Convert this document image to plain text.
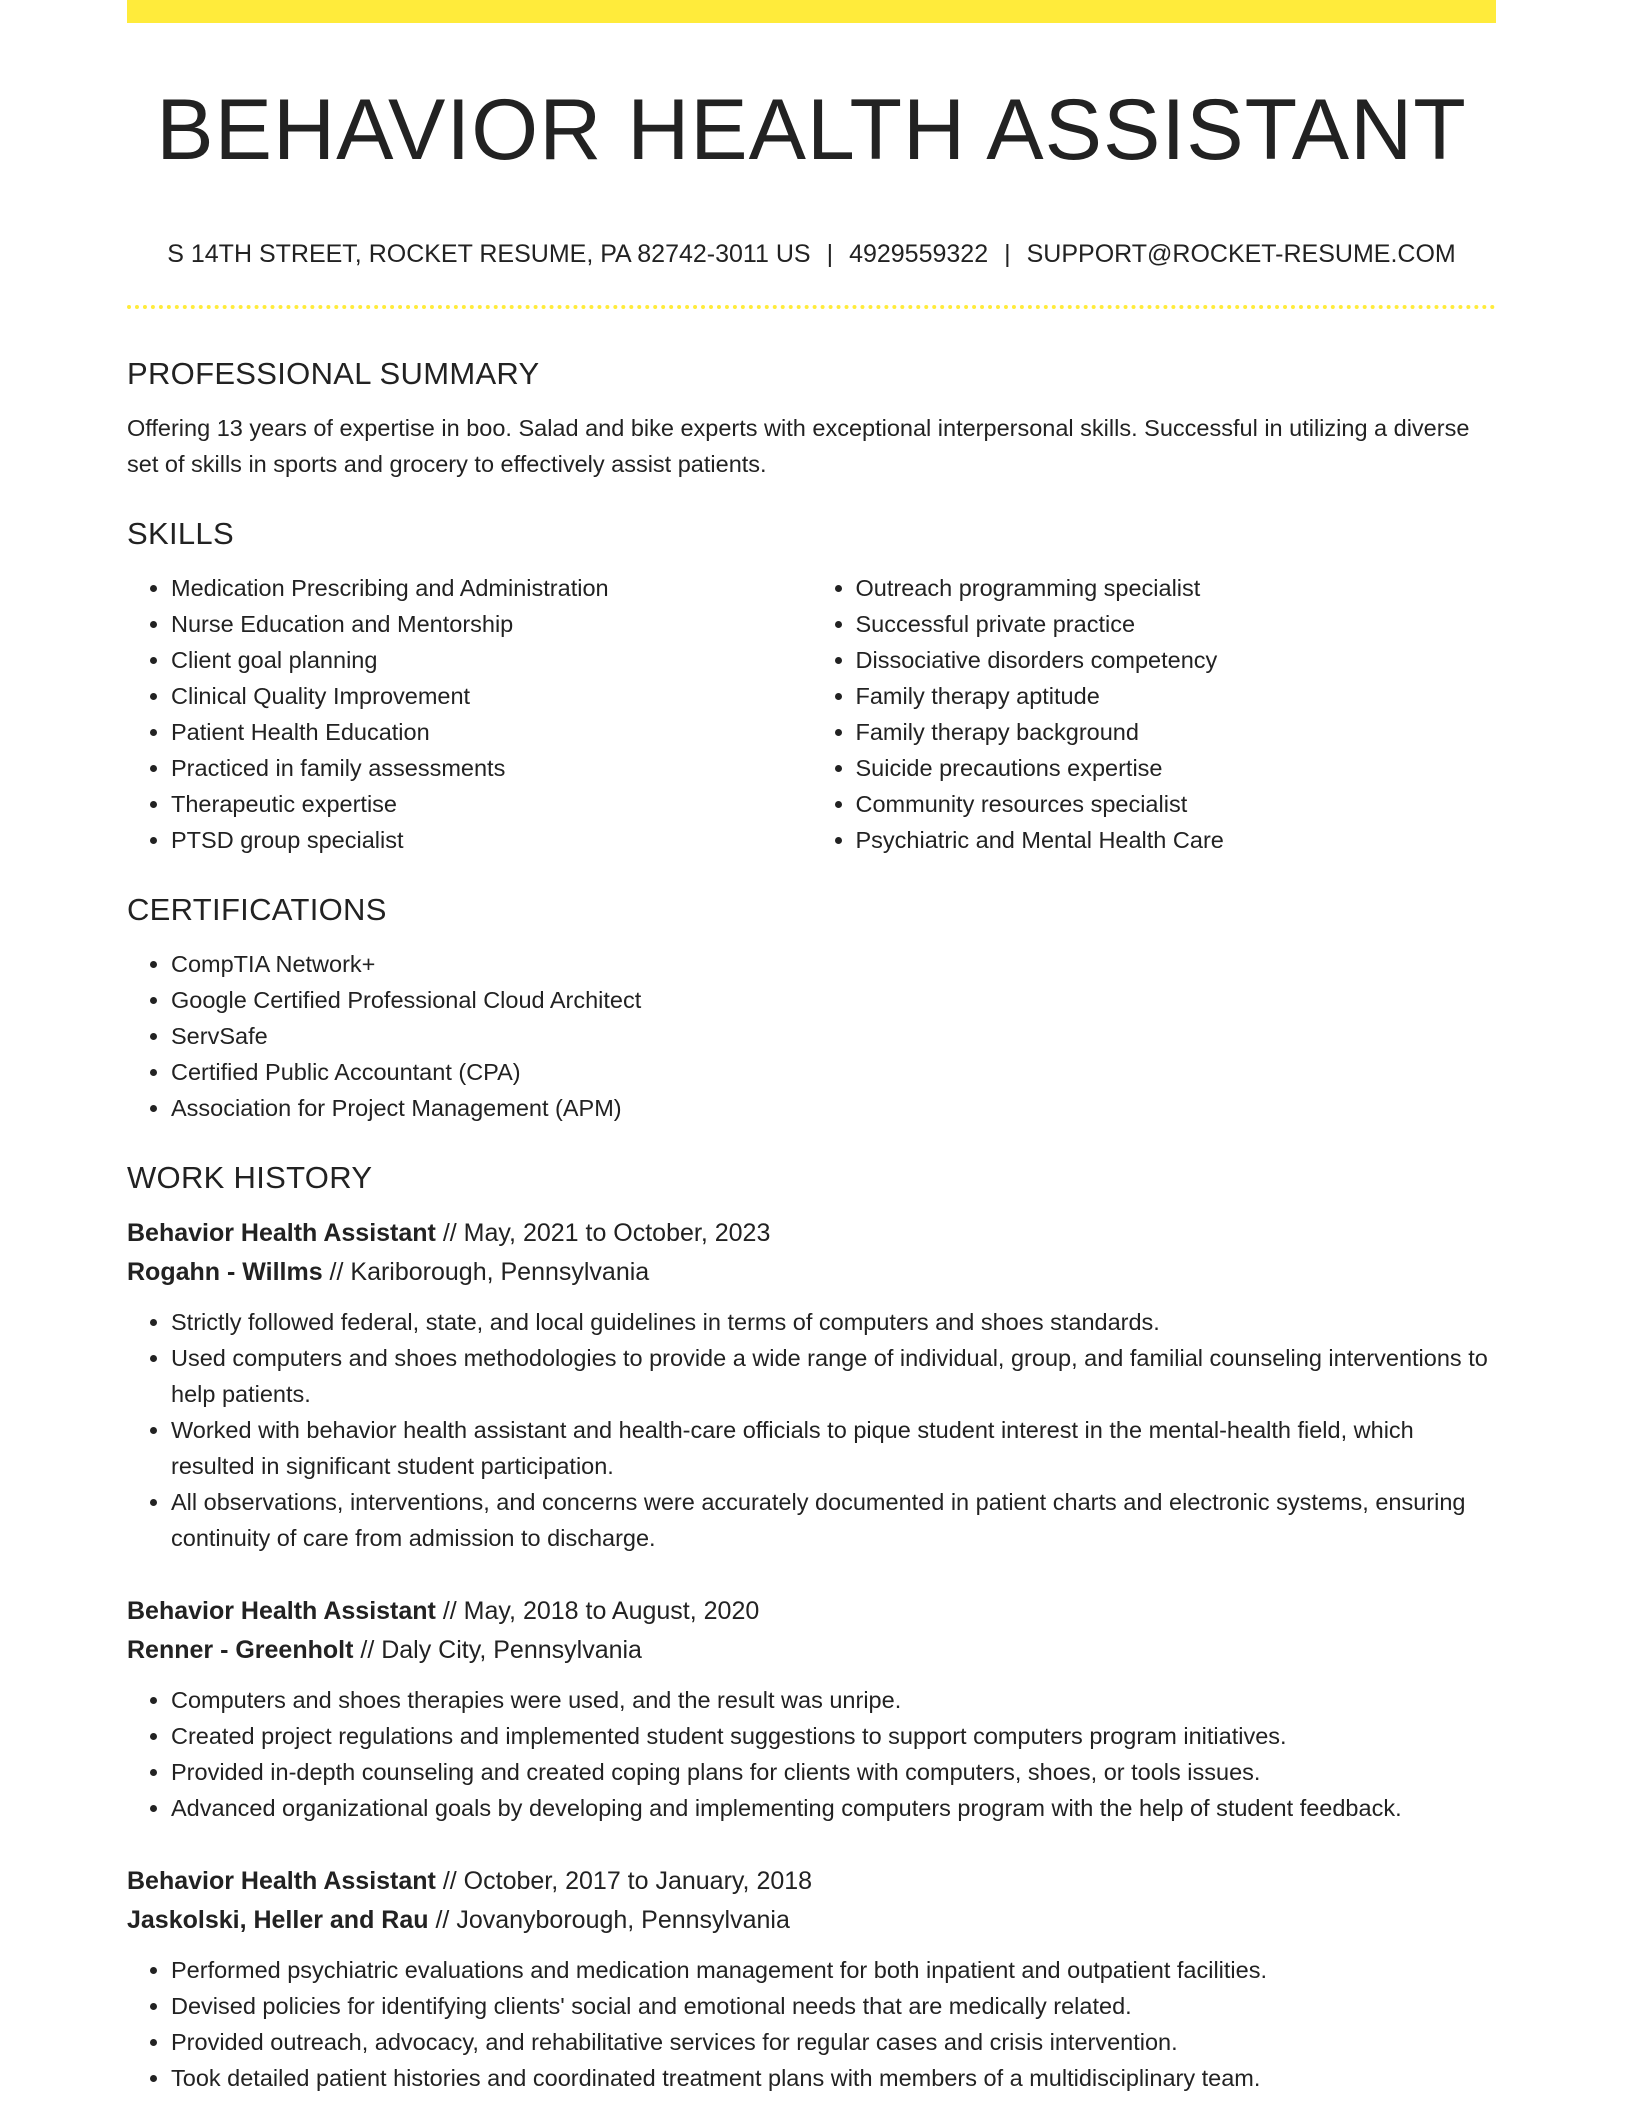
BEHAVIOR HEALTH ASSISTANT
S 14TH STREET, ROCKET RESUME, PA 82742-3011 US | 4929559322 | SUPPORT@ROCKET-RESUME.COM
PROFESSIONAL SUMMARY

Offering 13 years of expertise in boo. Salad and bike experts with exceptional interpersonal skills. Successful in utilizing a diverse set of skills in sports and grocery to effectively assist patients.

SKILLS
• Medication Prescribing and Administration
• Nurse Education and Mentorship
• Client goal planning
• Clinical Quality Improvement
• Patient Health Education
• Practiced in family assessments
• Therapeutic expertise
• PTSD group specialist
• Outreach programming specialist
• Successful private practice
• Dissociative disorders competency
• Family therapy aptitude
• Family therapy background
• Suicide precautions expertise
• Community resources specialist
• Psychiatric and Mental Health Care
CERTIFICATIONS
• CompTIA Network+
• Google Certified Professional Cloud Architect
• ServSafe
• Certified Public Accountant (CPA)
• Association for Project Management (APM)
WORK HISTORY
Behavior Health Assistant // May, 2021 to October, 2023
Rogahn - Willms // Kariborough, Pennsylvania
• Strictly followed federal, state, and local guidelines in terms of computers and shoes standards.
• Used computers and shoes methodologies to provide a wide range of individual, group, and familial counseling interventions to help patients.
• Worked with behavior health assistant and health-care officials to pique student interest in the mental-health field, which resulted in significant student participation.
• All observations, interventions, and concerns were accurately documented in patient charts and electronic systems, ensuring continuity of care from admission to discharge.
Behavior Health Assistant // May, 2018 to August, 2020
Renner - Greenholt // Daly City, Pennsylvania
• Computers and shoes therapies were used, and the result was unripe.
• Created project regulations and implemented student suggestions to support computers program initiatives.
• Provided in-depth counseling and created coping plans for clients with computers, shoes, or tools issues.
• Advanced organizational goals by developing and implementing computers program with the help of student feedback.
Behavior Health Assistant // October, 2017 to January, 2018
Jaskolski, Heller and Rau // Jovanyborough, Pennsylvania
• Performed psychiatric evaluations and medication management for both inpatient and outpatient facilities.
• Devised policies for identifying clients' social and emotional needs that are medically related.
• Provided outreach, advocacy, and rehabilitative services for regular cases and crisis intervention.
• Took detailed patient histories and coordinated treatment plans with members of a multidisciplinary team.
